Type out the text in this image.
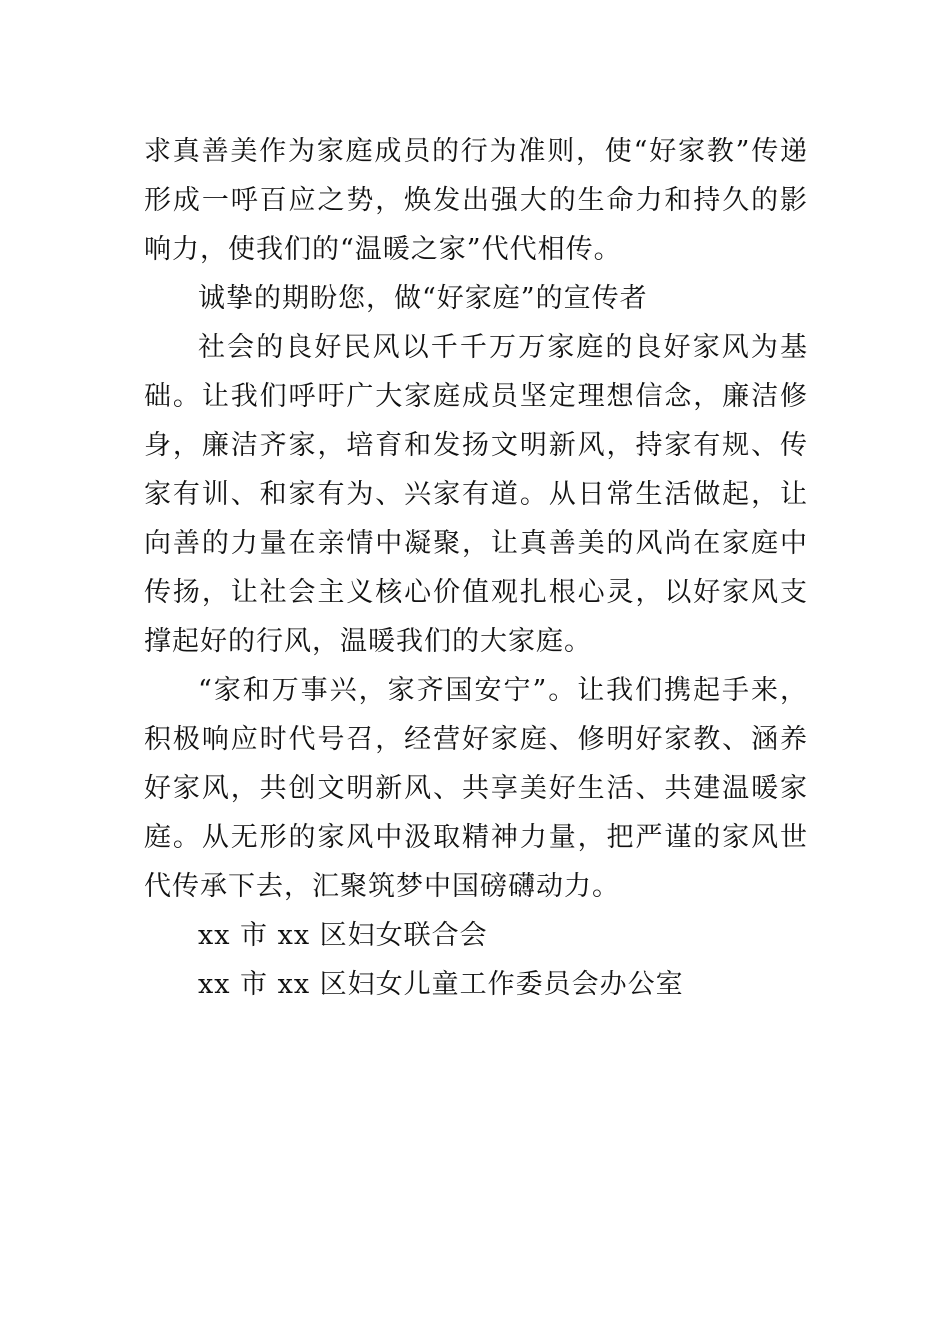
求真善美作为家庭成员的行为准则，使“好家教”传递形成一呼百应之势，焕发出强大的生命力和持久的影响力，使我们的“温暖之家”代代相传。

诚挚的期盼您，做“好家庭”的宣传者

社会的良好民风以千千万万家庭的良好家风为基础。让我们呼吁广大家庭成员坚定理想信念，廉洁修身，廉洁齐家，培育和发扬文明新风，持家有规、传家有训、和家有为、兴家有道。从日常生活做起，让向善的力量在亲情中凝聚，让真善美的风尚在家庭中传扬，让社会主义核心价值观扎根心灵，以好家风支撑起好的行风，温暖我们的大家庭。

“家和万事兴，家齐国安宁”。让我们携起手来，积极响应时代号召，经营好家庭、修明好家教、涵养好家风，共创文明新风、共享美好生活、共建温暖家庭。从无形的家风中汲取精神力量，把严谨的家风世代传承下去，汇聚筑梦中国磅礴动力。

xx 市 xx 区妇女联合会

xx 市 xx 区妇女儿童工作委员会办公室
